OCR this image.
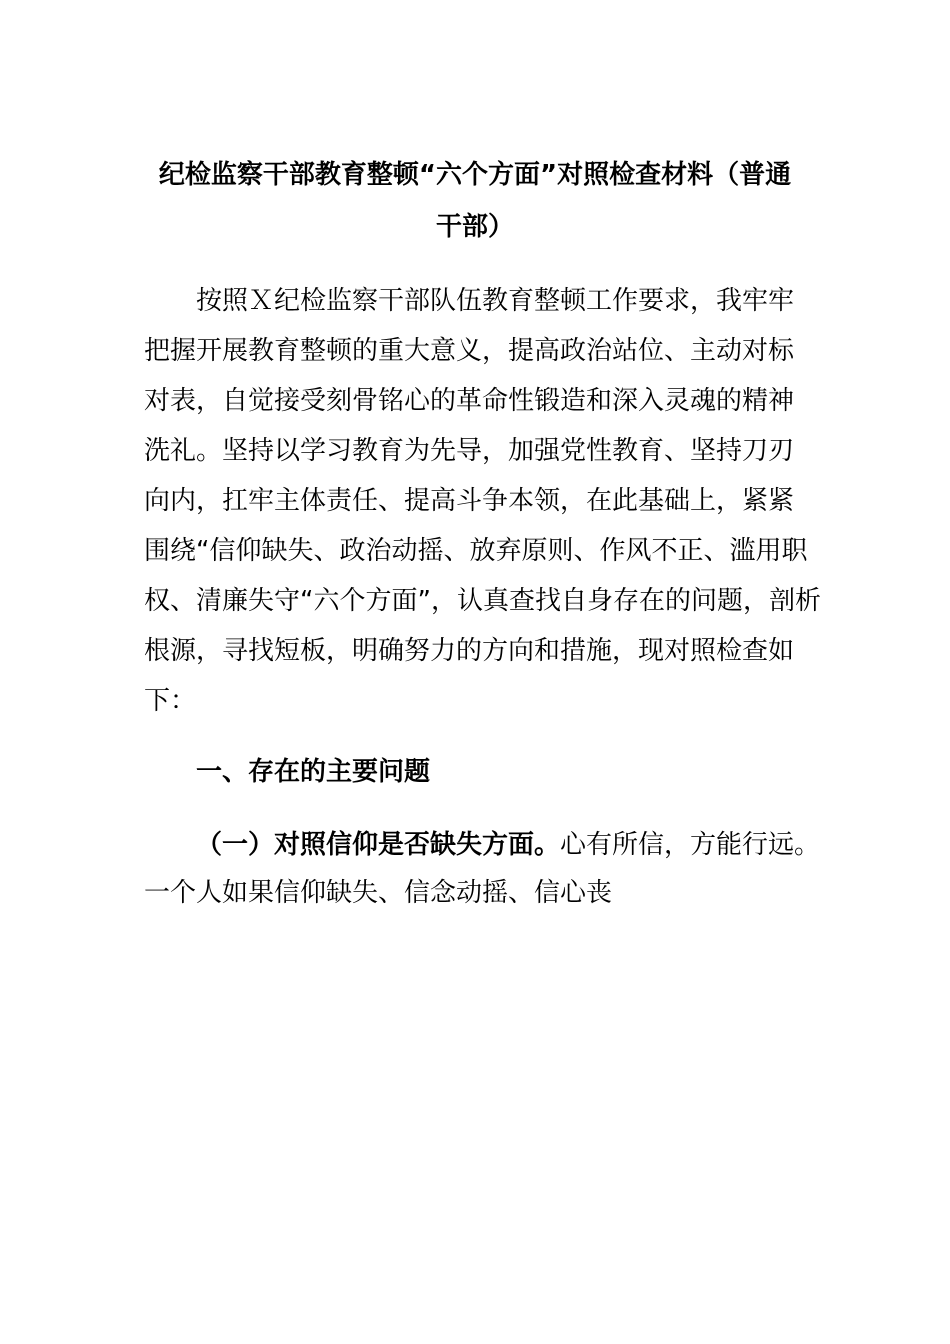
纪检监察干部教育整顿“六个方面”对照检查材料（普通
干部）

按照Ｘ纪检监察干部队伍教育整顿工作要求，我牢牢

把握开展教育整顿的重大意义，提高政治站位、主动对标

对表，自觉接受刻骨铭心的革命性锻造和深入灵魂的精神

洗礼。坚持以学习教育为先导，加强党性教育、坚持刀刃

向内，扛牢主体责任、提高斗争本领，在此基础上，紧紧

围绕“信仰缺失、政治动摇、放弃原则、作风不正、滥用职

权、清廉失守“六个方面”，认真查找自身存在的问题，剖析

根源，寻找短板，明确努力的方向和措施，现对照检查如

下：

一、存在的主要问题

（一）对照信仰是否缺失方面。心有所信，方能行远。

一个人如果信仰缺失、信念动摇、信心丧
